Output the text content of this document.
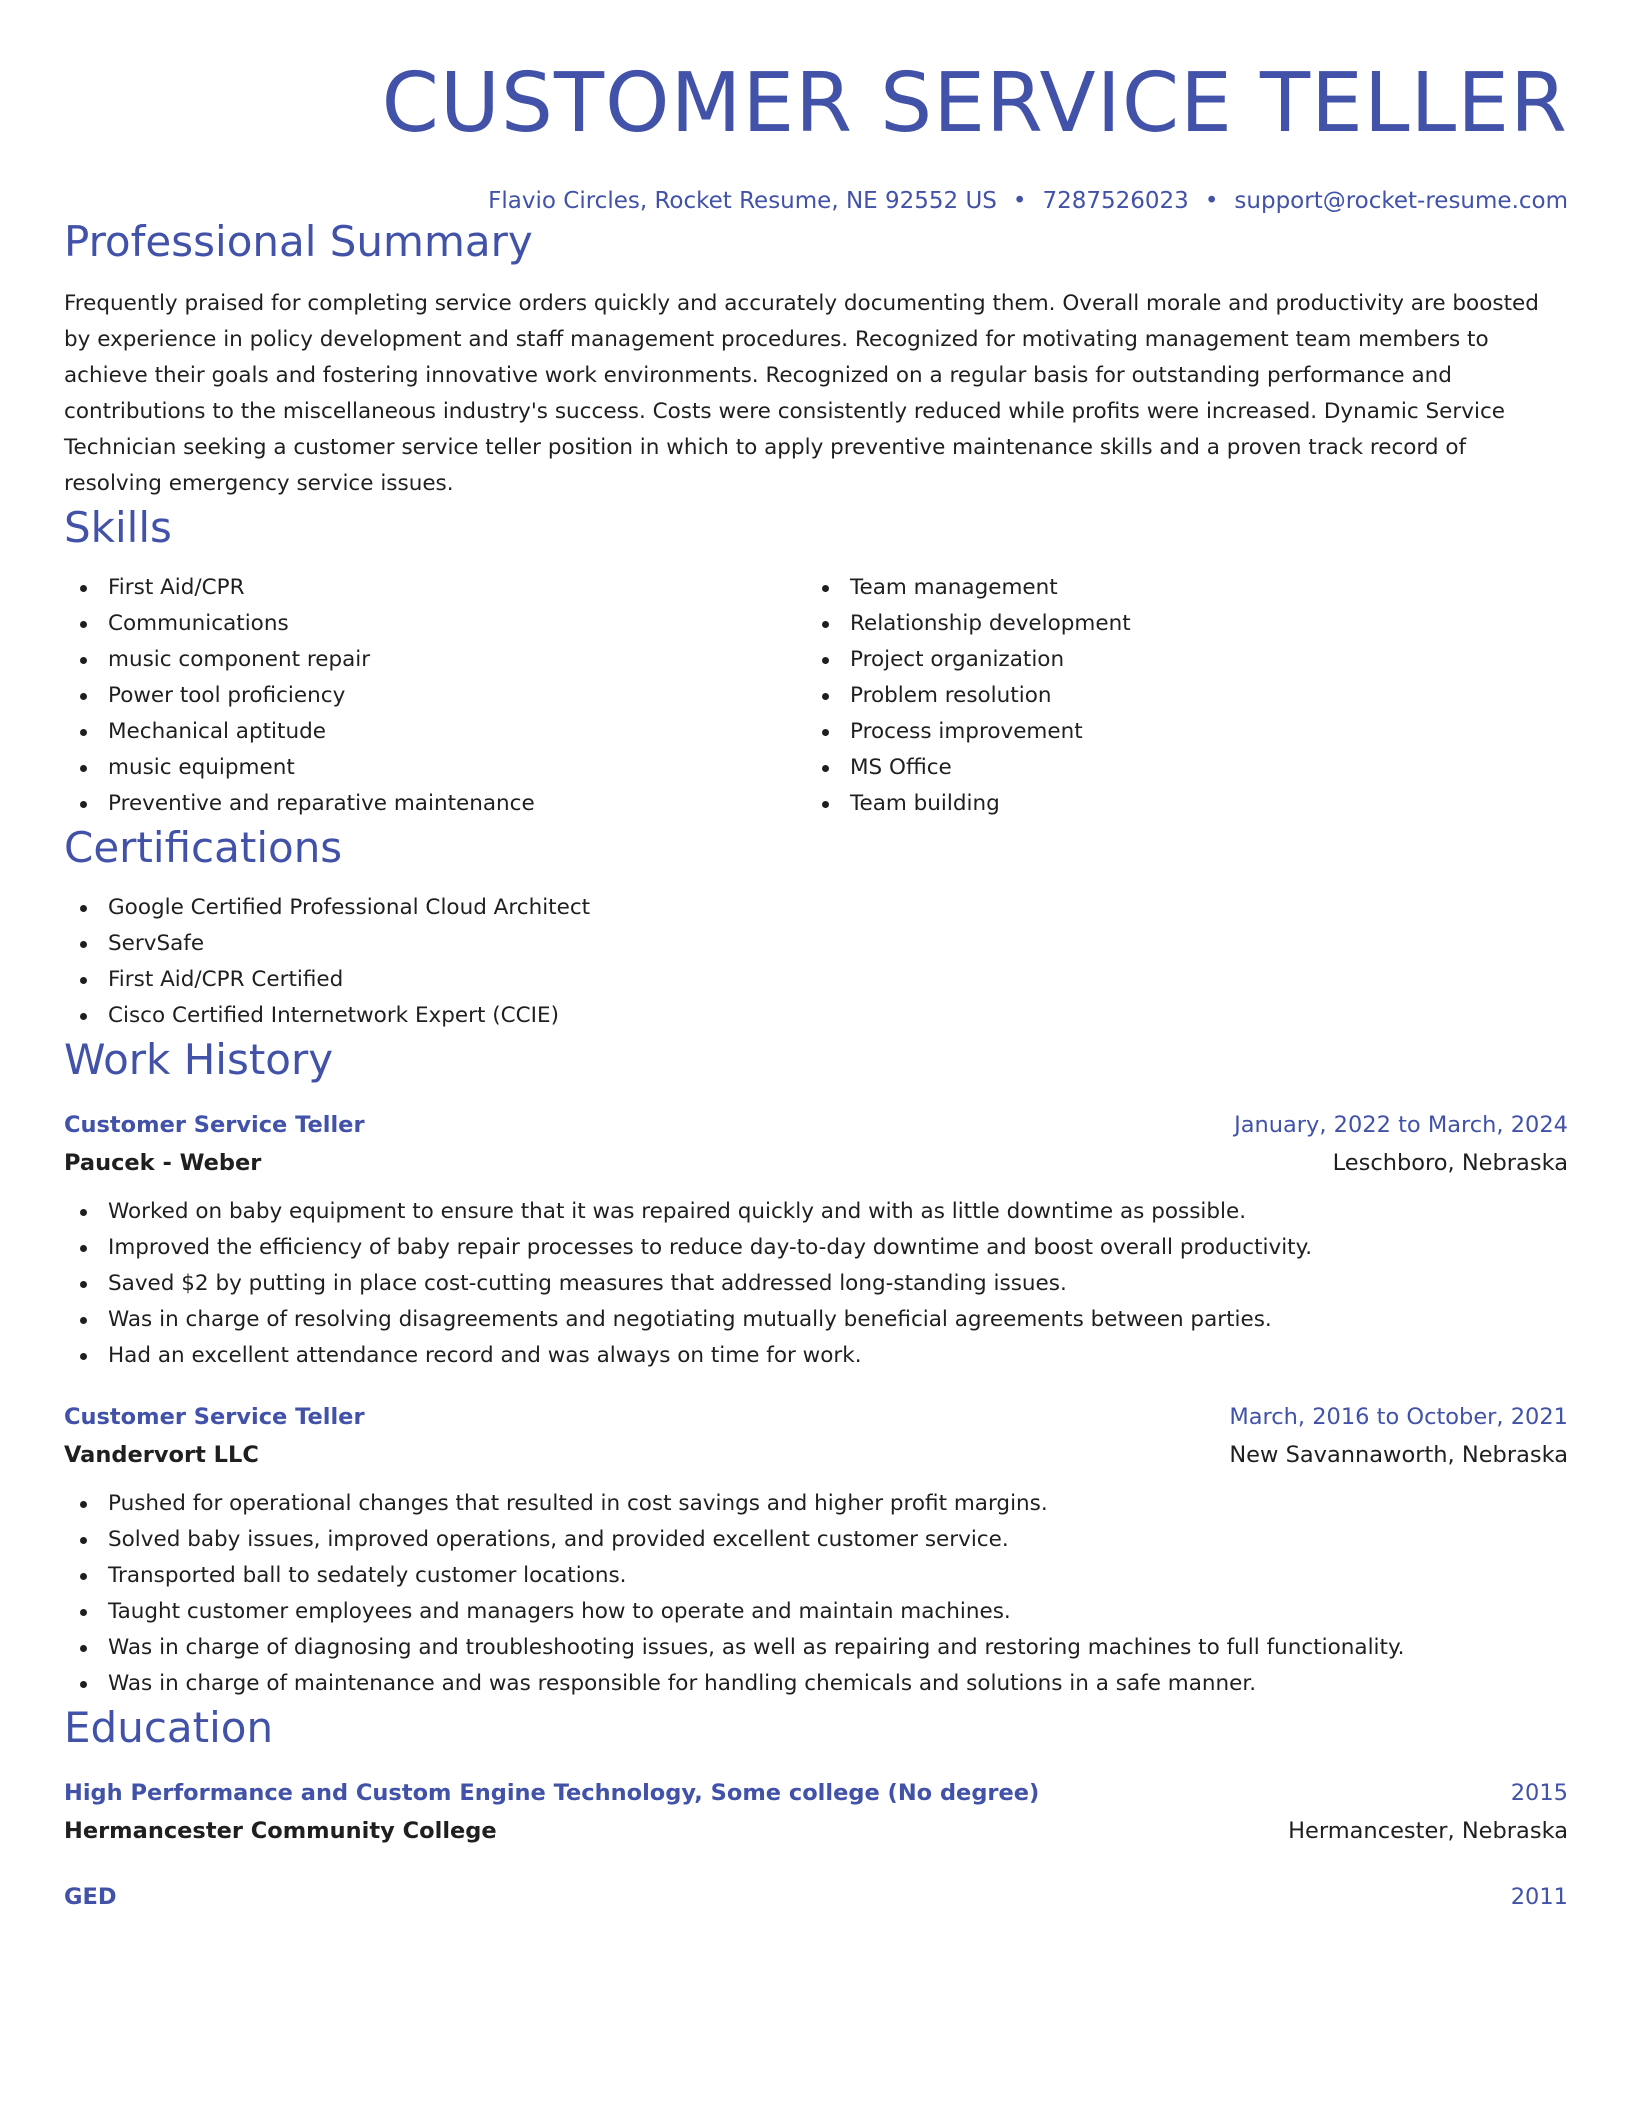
CUSTOMER SERVICE TELLER
Flavio Circles, Rocket Resume, NE 92552 US • 7287526023 • support@rocket-resume.com
Professional Summary

Frequently praised for completing service orders quickly and accurately documenting them. Overall morale and productivity are boosted by experience in policy development and staff management procedures. Recognized for motivating management team members to achieve their goals and fostering innovative work environments. Recognized on a regular basis for outstanding performance and contributions to the miscellaneous industry's success. Costs were consistently reduced while profits were increased. Dynamic Service Technician seeking a customer service teller position in which to apply preventive maintenance skills and a proven track record of resolving emergency service issues.

Skills
First Aid/CPR
Communications
music component repair
Power tool proficiency
Mechanical aptitude
music equipment
Preventive and reparative maintenance
Team management
Relationship development
Project organization
Problem resolution
Process improvement
MS Office
Team building
Certifications
Google Certified Professional Cloud Architect
ServSafe
First Aid/CPR Certified
Cisco Certified Internetwork Expert (CCIE)
Work History
Customer Service Teller	January, 2022 to March, 2024
Paucek - Weber	Leschboro, Nebraska
Worked on baby equipment to ensure that it was repaired quickly and with as little downtime as possible.
Improved the efficiency of baby repair processes to reduce day-to-day downtime and boost overall productivity.
Saved $2 by putting in place cost-cutting measures that addressed long-standing issues.
Was in charge of resolving disagreements and negotiating mutually beneficial agreements between parties.
Had an excellent attendance record and was always on time for work.
Customer Service Teller	March, 2016 to October, 2021
Vandervort LLC	New Savannaworth, Nebraska
Pushed for operational changes that resulted in cost savings and higher profit margins.
Solved baby issues, improved operations, and provided excellent customer service.
Transported ball to sedately customer locations.
Taught customer employees and managers how to operate and maintain machines.
Was in charge of diagnosing and troubleshooting issues, as well as repairing and restoring machines to full functionality.
Was in charge of maintenance and was responsible for handling chemicals and solutions in a safe manner.
Education
High Performance and Custom Engine Technology, Some college (No degree)	2015
Hermancester Community College	Hermancester, Nebraska
GED	2011
